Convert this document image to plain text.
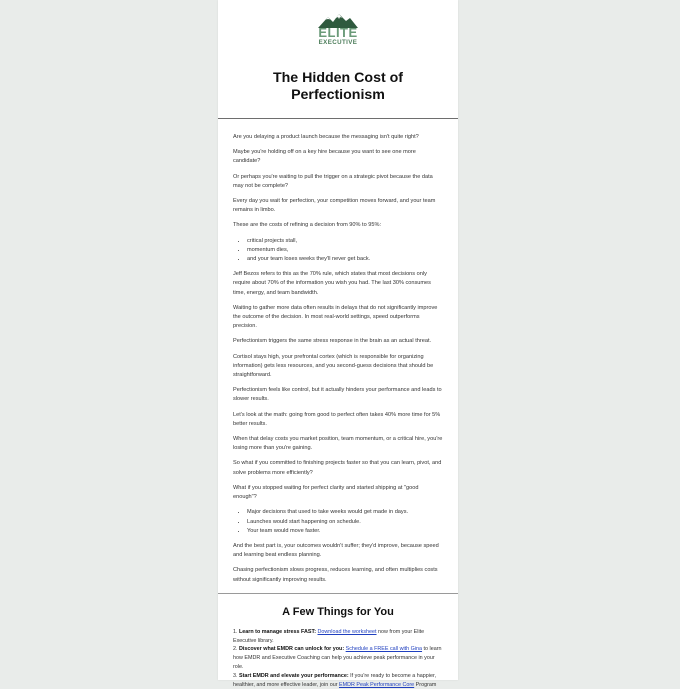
ELITE
EXECUTIVE
The Hidden Cost of Perfectionism

Are you delaying a product launch because the messaging isn't quite right?

Maybe you're holding off on a key hire because you want to see one more candidate?

Or perhaps you're waiting to pull the trigger on a strategic pivot because the data may not be complete?

Every day you wait for perfection, your competition moves forward, and your team remains in limbo.

These are the costs of refining a decision from 90% to 95%:

• critical projects stall,
• momentum dies,
• and your team loses weeks they'll never get back.

Jeff Bezos refers to this as the 70% rule, which states that most decisions only require about 70% of the information you wish you had. The last 30% consumes time, energy, and team bandwidth.

Waiting to gather more data often results in delays that do not significantly improve the outcome of the decision. In most real-world settings, speed outperforms precision.

Perfectionism triggers the same stress response in the brain as an actual threat.

Cortisol stays high, your prefrontal cortex (which is responsible for organizing information) gets less resources, and you second-guess decisions that should be straightforward.

Perfectionism feels like control, but it actually hinders your performance and leads to slower results.

Let's look at the math: going from good to perfect often takes 40% more time for 5% better results.

When that delay costs you market position, team momentum, or a critical hire, you're losing more than you're gaining.

So what if you committed to finishing projects faster so that you can learn, pivot, and solve problems more efficiently?

What if you stopped waiting for perfect clarity and started shipping at "good enough"?

• Major decisions that used to take weeks would get made in days.
• Launches would start happening on schedule.
• Your team would move faster.

And the best part is, your outcomes wouldn't suffer; they'd improve, because speed and learning beat endless planning.

Chasing perfectionism slows progress, reduces learning, and often multiplies costs without significantly improving results.

A Few Things for You
1. Learn to manage stress FAST: Download the worksheet now from your Elite Executive library.
2. Discover what EMDR can unlock for you: Schedule a FREE call with Gina to learn how EMDR and Executive Coaching can help you achieve peak performance in your role.
3. Start EMDR and elevate your performance: If you're ready to become a happier, healthier, and more effective leader, join our EMDR Peak Performance Core Program
